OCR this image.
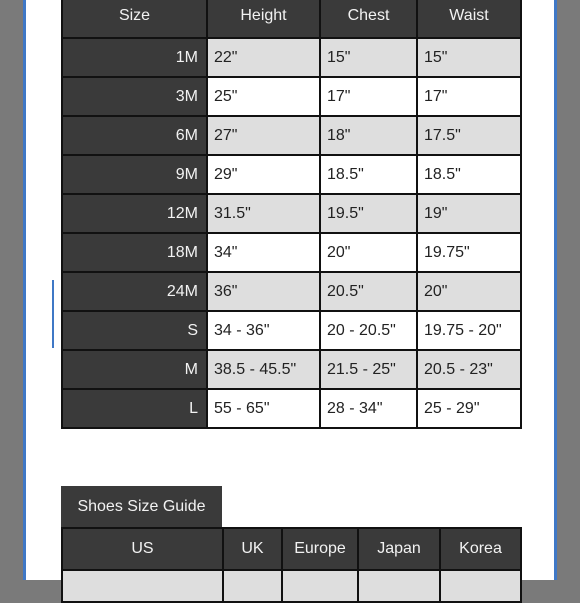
Size	Height	Chest	Waist
1M	22"	15"	15"
3M	25"	17"	17"
6M	27"	18"	17.5"
9M	29"	18.5"	18.5"
12M	31.5"	19.5"	19"
18M	34"	20"	19.75"
24M	36"	20.5"	20"
S	34 - 36"	20 - 20.5"	19.75 - 20"
M	38.5 - 45.5"	21.5 - 25"	20.5 - 23"
L	55 - 65"	28 - 34"	25 - 29"
Shoes Size Guide
US	UK	Europe	Japan	Korea
